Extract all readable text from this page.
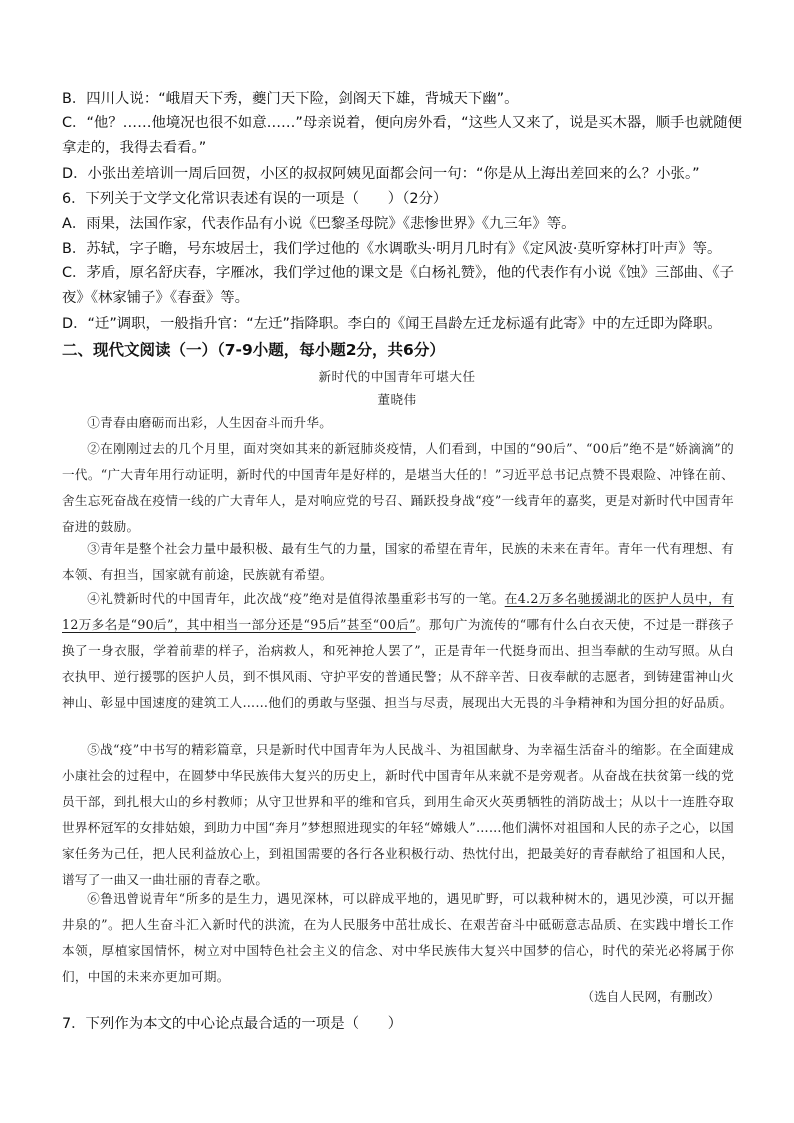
B．四川人说：“峨眉天下秀，夔门天下险，剑阁天下雄，背城天下幽”。
C．“他？……他境况也很不如意……”母亲说着，便向房外看，“这些人又来了，说是买木器，顺手也就随便拿走的，我得去看看。”
D．小张出差培训一周后回贺，小区的叔叔阿姨见面都会问一句：“你是从上海出差回来的么？小张。”
6．下列关于文学文化常识表述有误的一项是（　　）（2分）
A．雨果，法国作家，代表作品有小说《巴黎圣母院》《悲惨世界》《九三年》等。
B．苏轼，字子瞻，号东坡居士，我们学过他的《水调歌头·明月几时有》《定风波·莫听穿林打叶声》等。
C．茅盾，原名舒庆春，字雁冰，我们学过他的课文是《白杨礼赞》，他的代表作有小说《蚀》三部曲、《子夜》《林家铺子》《春蚕》等。
D．“迁”调职，一般指升官：“左迁”指降职。李白的《闻王昌龄左迁龙标遥有此寄》中的左迁即为降职。
二、现代文阅读（一）（7-9小题，每小题2分，共6分）
新时代的中国青年可堪大任
董晓伟
①青春由磨砺而出彩，人生因奋斗而升华。
②在刚刚过去的几个月里，面对突如其来的新冠肺炎疫情，人们看到，中国的“90后”、“00后”绝不是“娇滴滴”的一代。“广大青年用行动证明，新时代的中国青年是好样的，是堪当大任的！”习近平总书记点赞不畏艰险、冲锋在前、舍生忘死奋战在疫情一线的广大青年人，是对响应党的号召、踊跃投身战“疫”一线青年的嘉奖，更是对新时代中国青年奋进的鼓励。
③青年是整个社会力量中最积极、最有生气的力量，国家的希望在青年，民族的未来在青年。青年一代有理想、有本领、有担当，国家就有前途，民族就有希望。
④礼赞新时代的中国青年，此次战“疫”绝对是值得浓墨重彩书写的一笔。在4.2万多名驰援湖北的医护人员中，有12万多名是“90后”，其中相当一部分还是“95后”甚至“00后”。那句广为流传的“哪有什么白衣天使，不过是一群孩子换了一身衣服，学着前辈的样子，治病救人，和死神抢人罢了”，正是青年一代挺身而出、担当奉献的生动写照。从白衣执甲、逆行援鄂的医护人员，到不惧风雨、守护平安的普通民警；从不辞辛苦、日夜奉献的志愿者，到铸建雷神山火神山、彰显中国速度的建筑工人……他们的勇敢与坚强、担当与尽责，展现出大无畏的斗争精神和为国分担的好品质。
⑤战“疫”中书写的精彩篇章，只是新时代中国青年为人民战斗、为祖国献身、为幸福生活奋斗的缩影。在全面建成小康社会的过程中，在圆梦中华民族伟大复兴的历史上，新时代中国青年从来就不是旁观者。从奋战在扶贫第一线的党员干部，到扎根大山的乡村教师；从守卫世界和平的维和官兵，到用生命灭火英勇牺牲的消防战士；从以十一连胜夺取世界杯冠军的女排姑娘，到助力中国“奔月”梦想照进现实的年轻“嫦娥人”……他们满怀对祖国和人民的赤子之心，以国家任务为己任，把人民利益放心上，到祖国需要的各行各业积极行动、热忱付出，把最美好的青春献给了祖国和人民，谱写了一曲又一曲壮丽的青春之歌。
⑥鲁迅曾说青年“所多的是生力，遇见深林，可以辟成平地的，遇见旷野，可以栽种树木的，遇见沙漠，可以开掘井泉的”。把人生奋斗汇入新时代的洪流，在为人民服务中茁壮成长、在艰苦奋斗中砥砺意志品质、在实践中增长工作本领，厚植家国情怀，树立对中国特色社会主义的信念、对中华民族伟大复兴中国梦的信心，时代的荣光必将属于你们，中国的未来亦更加可期。
（选自人民网，有删改）
7．下列作为本文的中心论点最合适的一项是（　　）
